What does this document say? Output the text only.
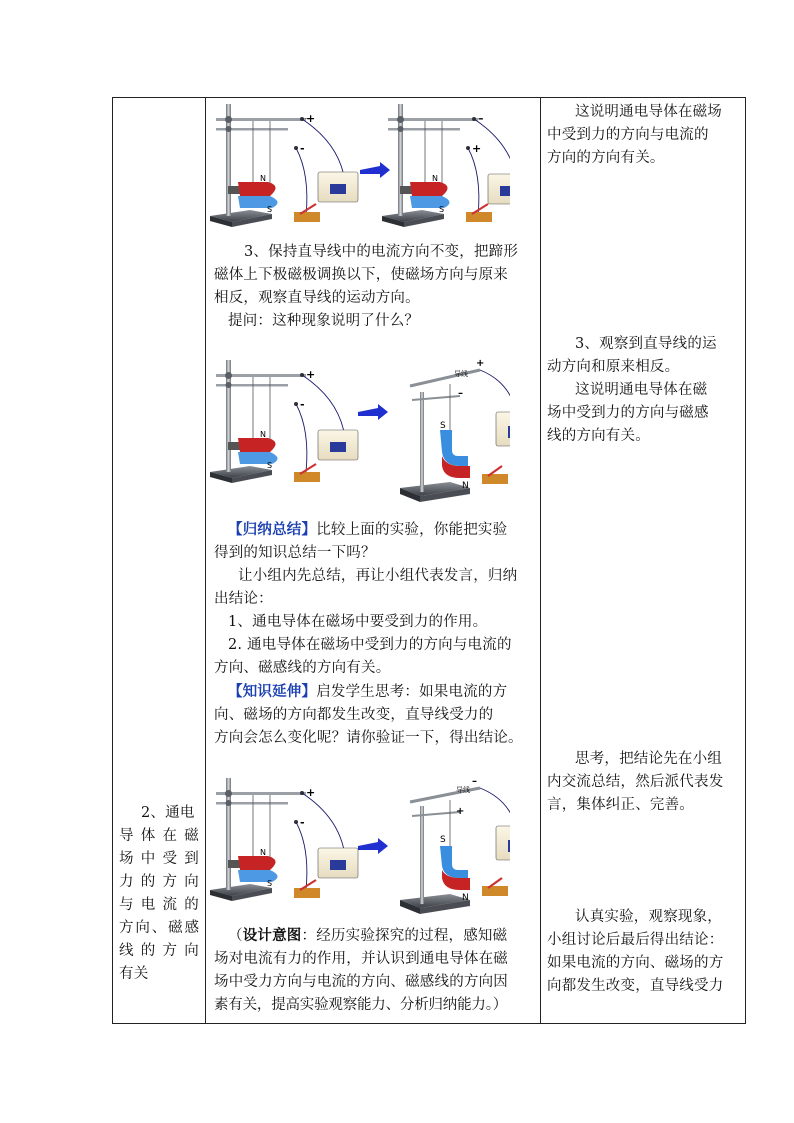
2、通电
导体在磁
场中受到
力的方向
与电流的
方向、磁感
线的方向
有关
N
S
+
-
N
S
–
+
3、保持直导线中的电流方向不变，把蹄形
磁体上下极磁极调换以下，使磁场方向与原来
相反，观察直导线的运动方向。
提问：这种现象说明了什么？
N
S
+
-
导线
+
–
磁铁
S
N
【归纳总结】比较上面的实验，你能把实验
得到的知识总结一下吗？
让小组内先总结，再让小组代表发言，归纳
出结论：
1、通电导体在磁场中要受到力的作用。
2. 通电导体在磁场中受到力的方向与电流的
方向、磁感线的方向有关。
【知识延伸】启发学生思考：如果电流的方
向、磁场的方向都发生改变，直导线受力的
方向会怎么变化呢？请你验证一下，得出结论。
N
S
+
-
导线
–
+
磁铁
S
N
（设计意图：经历实验探究的过程，感知磁
场对电流有力的作用，并认识到通电导体在磁
场中受力方向与电流的方向、磁感线的方向因
素有关，提高实验观察能力、分析归纳能力。）
这说明通电导体在磁场
中受到力的方向与电流的
方向的方向有关。
3、观察到直导线的运
动方向和原来相反。
这说明通电导体在磁
场中受到力的方向与磁感
线的方向有关。
思考，把结论先在小组
内交流总结，然后派代表发
言，集体纠正、完善。
认真实验，观察现象，
小组讨论后最后得出结论：
如果电流的方向、磁场的方
向都发生改变，直导线受力
